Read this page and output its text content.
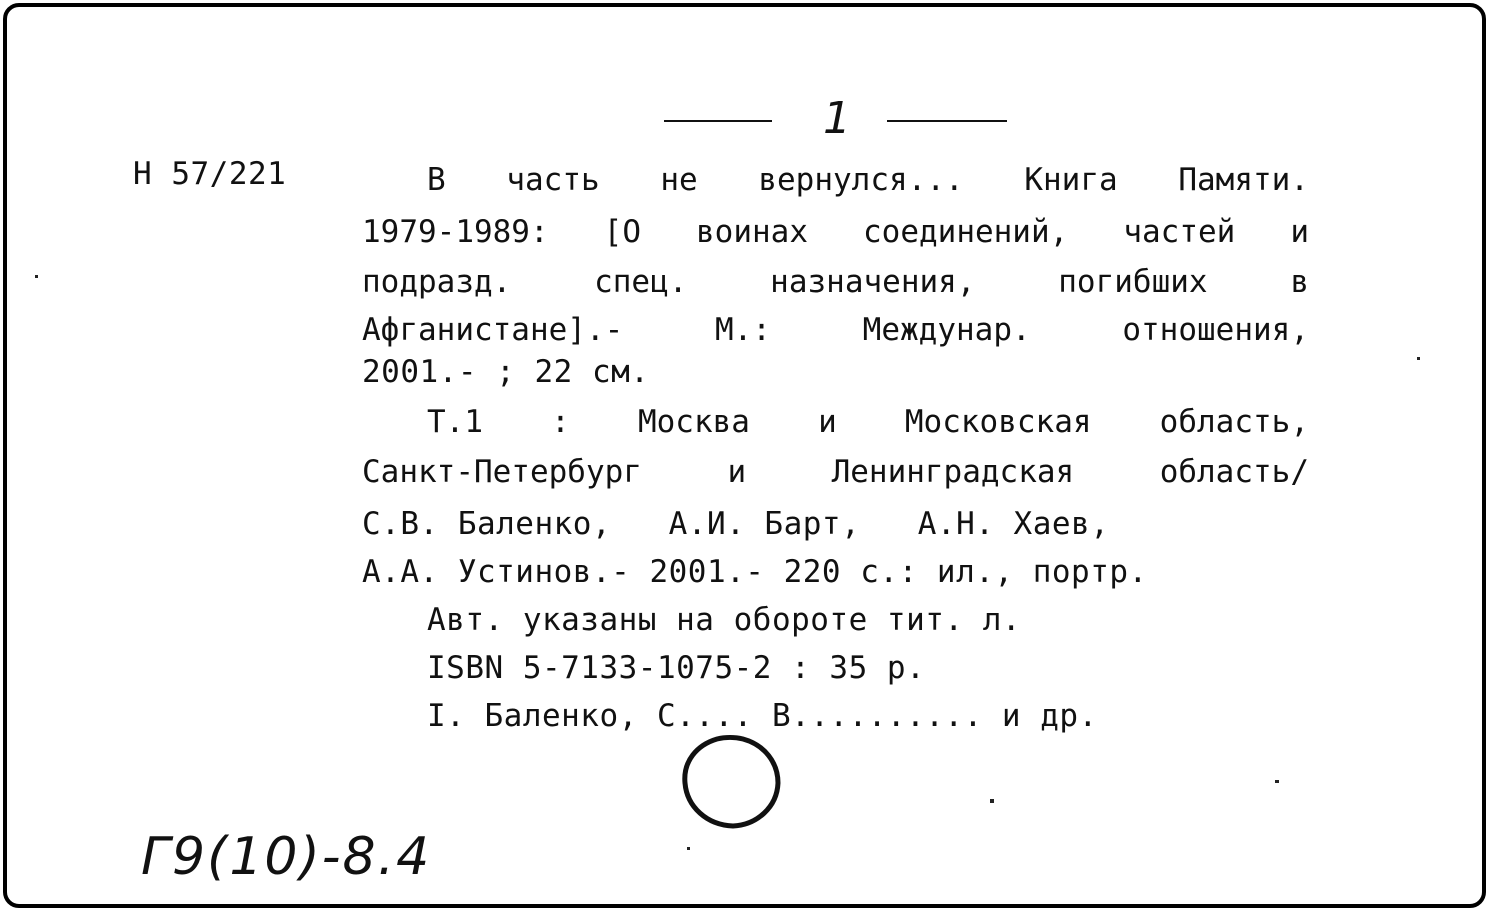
1
Н 57/221	В часть не вернулся... Книга Памяти.
1979-1989: [О воинах соединений, частей и
подразд.	спец.	назначения,	погибших	в
Афганистане].-	М.:	Междунар.	отношения,
2001.- ; 22 см.
Т.1 : Москва и Московская область,
Санкт-Петербург	и	Ленинградская	область/
С.В. Баленко,   А.И. Барт,   А.Н. Хаев,
А.А. Устинов.- 2001.- 220 с.: ил., портр.
Авт. указаны на обороте тит. л.
ISBN 5-7133-1075-2 : 35 р.
I. Баленко, С.... В.......... и др.
Г9(10)-8.4
